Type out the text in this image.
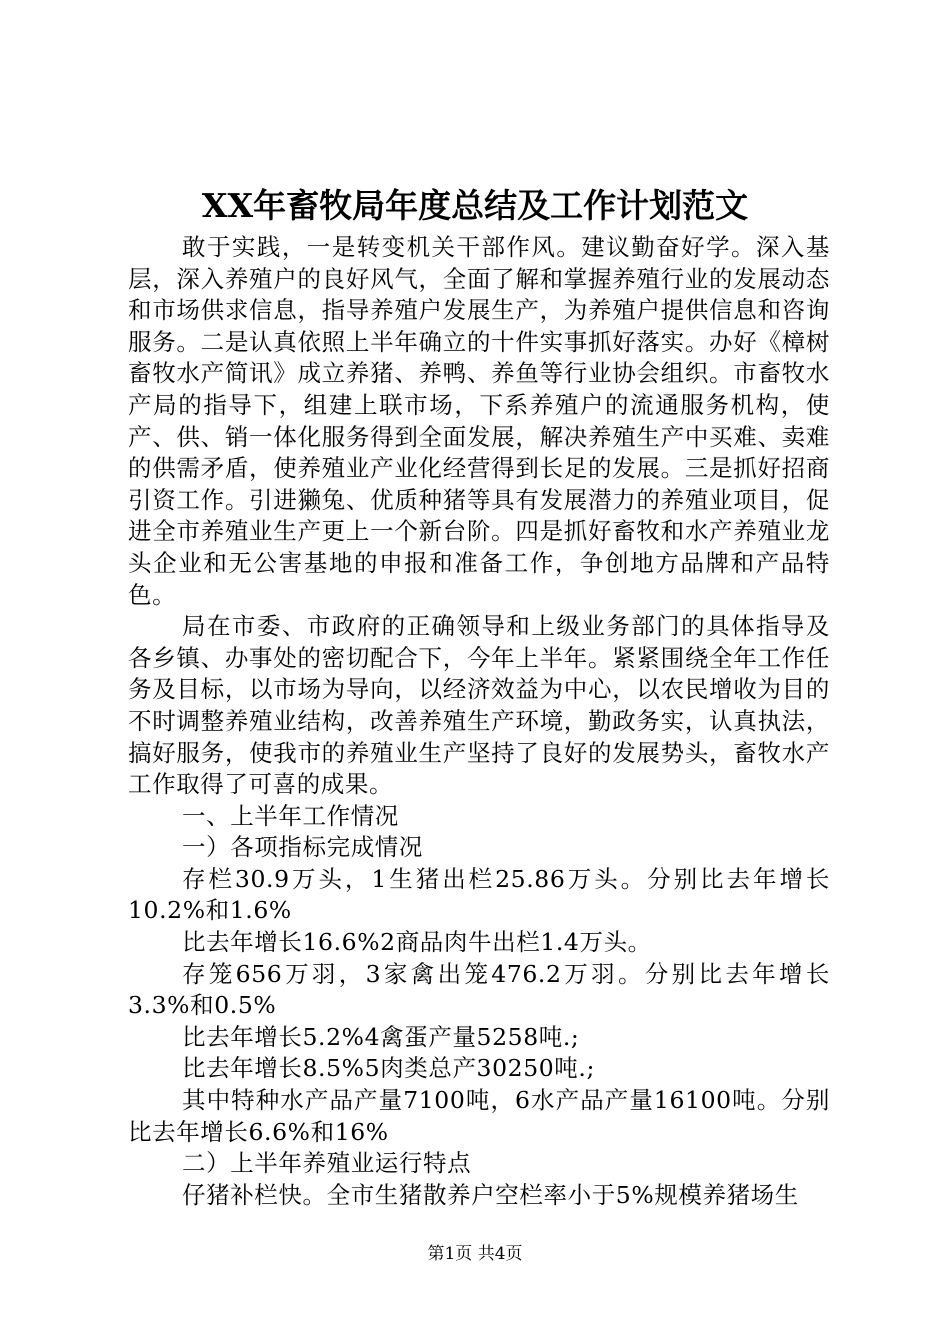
XX年畜牧局年度总结及工作计划范文

敢于实践，一是转变机关干部作风。建议勤奋好学。深入基层，深入养殖户的良好风气，全面了解和掌握养殖行业的发展动态和市场供求信息，指导养殖户发展生产，为养殖户提供信息和咨询服务。二是认真依照上半年确立的十件实事抓好落实。办好《樟树畜牧水产简讯》成立养猪、养鸭、养鱼等行业协会组织。市畜牧水产局的指导下，组建上联市场，下系养殖户的流通服务机构，使产、供、销一体化服务得到全面发展，解决养殖生产中买难、卖难的供需矛盾，使养殖业产业化经营得到长足的发展。三是抓好招商引资工作。引进獭兔、优质种猪等具有发展潜力的养殖业项目，促进全市养殖业生产更上一个新台阶。四是抓好畜牧和水产养殖业龙头企业和无公害基地的申报和准备工作，争创地方品牌和产品特色。

局在市委、市政府的正确领导和上级业务部门的具体指导及各乡镇、办事处的密切配合下，今年上半年。紧紧围绕全年工作任务及目标，以市场为导向，以经济效益为中心，以农民增收为目的不时调整养殖业结构，改善养殖生产环境，勤政务实，认真执法，搞好服务，使我市的养殖业生产坚持了良好的发展势头，畜牧水产工作取得了可喜的成果。

一、上半年工作情况

一）各项指标完成情况

存栏30.9万头，1生猪出栏25.86万头。分别比去年增长10.2%和1.6%

比去年增长16.6%2商品肉牛出栏1.4万头。

存笼656万羽，3家禽出笼476.2万羽。分别比去年增长3.3%和0.5%

比去年增长5.2%4禽蛋产量5258吨.;

比去年增长8.5%5肉类总产30250吨.;

其中特种水产品产量7100吨，6水产品产量16100吨。分别比去年增长6.6%和16%

二）上半年养殖业运行特点

仔猪补栏快。全市生猪散养户空栏率小于5%规模养猪场生

第1页 共4页
